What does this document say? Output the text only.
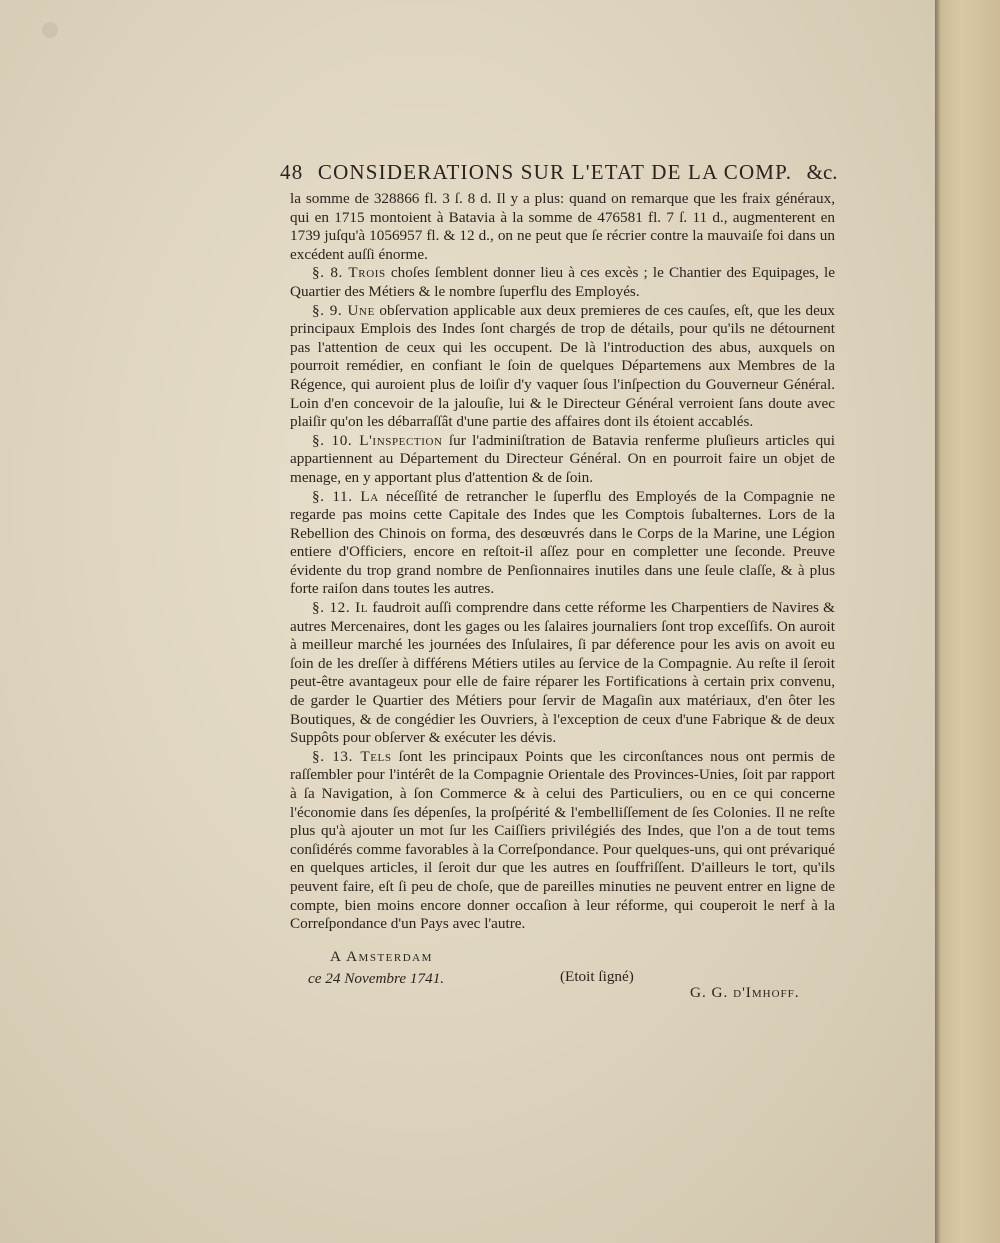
48 CONSIDERATIONS SUR L'ETAT DE LA COMP. &c.

la somme de 328866 fl. 3 ſ. 8 d. Il y a plus: quand on remarque que les fraix généraux, qui en 1715 montoient à Batavia à la somme de 476581 fl. 7 ſ. 11 d., augmenterent en 1739 juſqu'à 1056957 fl. & 12 d., on ne peut que ſe récrier contre la mauvaiſe foi dans un excédent auſſi énorme.

§. 8. Trois choſes ſemblent donner lieu à ces excès ; le Chantier des Equipages, le Quartier des Métiers & le nombre ſuperflu des Employés.

§. 9. Une obſervation applicable aux deux premieres de ces cauſes, eſt, que les deux principaux Emplois des Indes ſont chargés de trop de détails, pour qu'ils ne détournent pas l'attention de ceux qui les occupent. De là l'introduction des abus, auxquels on pourroit remédier, en confiant le ſoin de quelques Départemens aux Membres de la Régence, qui auroient plus de loiſir d'y vaquer ſous l'inſpection du Gouverneur Général. Loin d'en concevoir de la jalouſie, lui & le Directeur Général verroient ſans doute avec plaiſir qu'on les débarraſſât d'une partie des affaires dont ils étoient accablés.

§. 10. L'inspection ſur l'adminiſtration de Batavia renferme pluſieurs articles qui appartiennent au Département du Directeur Général. On en pourroit faire un objet de menage, en y apportant plus d'attention & de ſoin.

§. 11. La néceſſité de retrancher le ſuperflu des Employés de la Compagnie ne regarde pas moins cette Capitale des Indes que les Comptois ſubalternes. Lors de la Rebellion des Chinois on forma, des desœuvrés dans le Corps de la Marine, une Légion entiere d'Officiers, encore en reſtoit-il aſſez pour en completter une ſeconde. Preuve évidente du trop grand nombre de Penſionnaires inutiles dans une ſeule claſſe, & à plus forte raiſon dans toutes les autres.

§. 12. Il faudroit auſſi comprendre dans cette réforme les Charpentiers de Navires & autres Mercenaires, dont les gages ou les ſalaires journaliers ſont trop exceſſifs. On auroit à meilleur marché les journées des Inſulaires, ſi par déference pour les avis on avoit eu ſoin de les dreſſer à différens Métiers utiles au ſervice de la Compagnie. Au reſte il ſeroit peut-être avantageux pour elle de faire réparer les Fortifications à certain prix convenu, de garder le Quartier des Métiers pour ſervir de Magaſin aux matériaux, d'en ôter les Boutiques, & de congédier les Ouvriers, à l'exception de ceux d'une Fabrique & de deux Suppôts pour obſerver & exécuter les dévis.

§. 13. Tels ſont les principaux Points que les circonſtances nous ont permis de raſſembler pour l'intérêt de la Compagnie Orientale des Provinces-Unies, ſoit par rapport à ſa Navigation, à ſon Commerce & à celui des Particuliers, ou en ce qui concerne l'économie dans ſes dépenſes, la proſpérité & l'embelliſſement de ſes Colonies. Il ne reſte plus qu'à ajouter un mot ſur les Caiſſiers privilégiés des Indes, que l'on a de tout tems conſidérés comme favorables à la Correſpondance. Pour quelques-uns, qui ont prévariqué en quelques articles, il ſeroit dur que les autres en ſouffriſſent. D'ailleurs le tort, qu'ils peuvent faire, eſt ſi peu de choſe, que de pareilles minuties ne peuvent entrer en ligne de compte, bien moins encore donner occaſion à leur réforme, qui couperoit le nerf à la Correſpondance d'un Pays avec l'autre.

A Amsterdam
ce 24 Novembre 1741.	(Etoit ſigné)
G. G. d'Imhoff.
